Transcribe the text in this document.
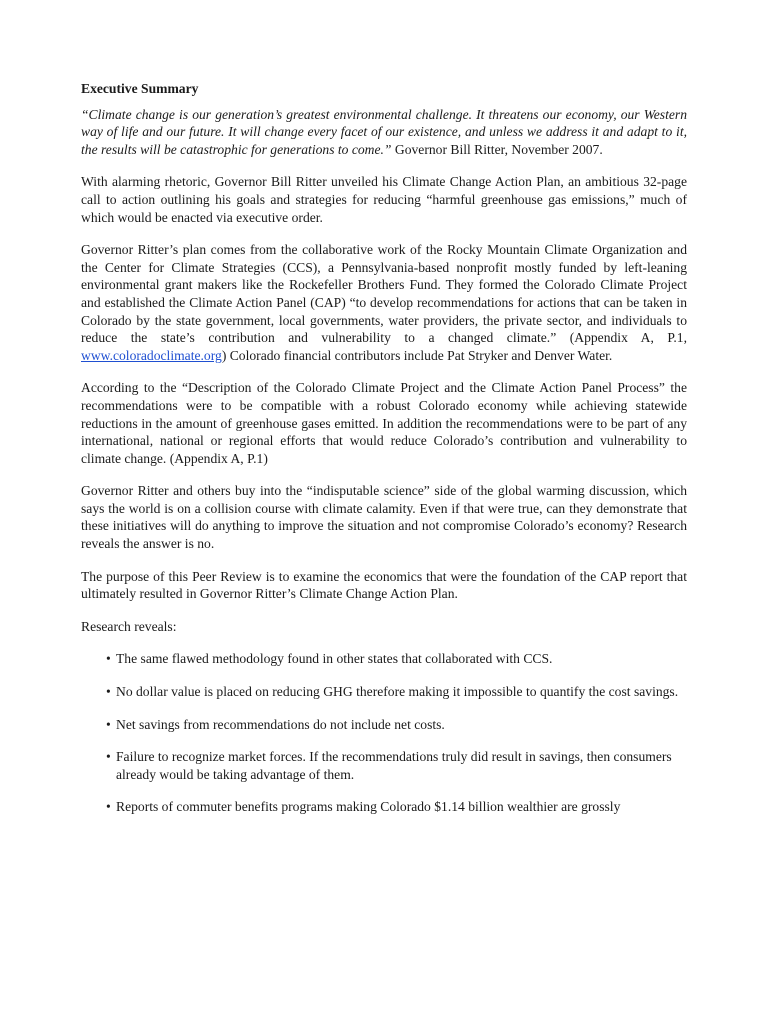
Executive Summary

“Climate change is our generation’s greatest environmental challenge. It threatens our economy, our Western way of life and our future. It will change every facet of our existence, and unless we address it and adapt to it, the results will be catastrophic for generations to come.” Governor Bill Ritter, November 2007.

With alarming rhetoric, Governor Bill Ritter unveiled his Climate Change Action Plan, an ambitious 32-page call to action outlining his goals and strategies for reducing “harmful greenhouse gas emissions,” much of which would be enacted via executive order.

Governor Ritter’s plan comes from the collaborative work of the Rocky Mountain Climate Organization and the Center for Climate Strategies (CCS), a Pennsylvania-based nonprofit mostly funded by left-leaning environmental grant makers like the Rockefeller Brothers Fund. They formed the Colorado Climate Project and established the Climate Action Panel (CAP) “to develop recommendations for actions that can be taken in Colorado by the state government, local governments, water providers, the private sector, and individuals to reduce the state’s contribution and vulnerability to a changed climate.” (Appendix A, P.1, www.coloradoclimate.org) Colorado financial contributors include Pat Stryker and Denver Water.

According to the “Description of the Colorado Climate Project and the Climate Action Panel Process” the recommendations were to be compatible with a robust Colorado economy while achieving statewide reductions in the amount of greenhouse gases emitted. In addition the recommendations were to be part of any international, national or regional efforts that would reduce Colorado’s contribution and vulnerability to climate change. (Appendix A, P.1)

Governor Ritter and others buy into the “indisputable science” side of the global warming discussion, which says the world is on a collision course with climate calamity. Even if that were true, can they demonstrate that these initiatives will do anything to improve the situation and not compromise Colorado’s economy? Research reveals the answer is no.

The purpose of this Peer Review is to examine the economics that were the foundation of the CAP report that ultimately resulted in Governor Ritter’s Climate Change Action Plan.

Research reveals:

• The same flawed methodology found in other states that collaborated with CCS.
• No dollar value is placed on reducing GHG therefore making it impossible to quantify the cost savings.
• Net savings from recommendations do not include net costs.
• Failure to recognize market forces. If the recommendations truly did result in savings, then consumers already would be taking advantage of them.
• Reports of commuter benefits programs making Colorado $1.14 billion wealthier are grossly
